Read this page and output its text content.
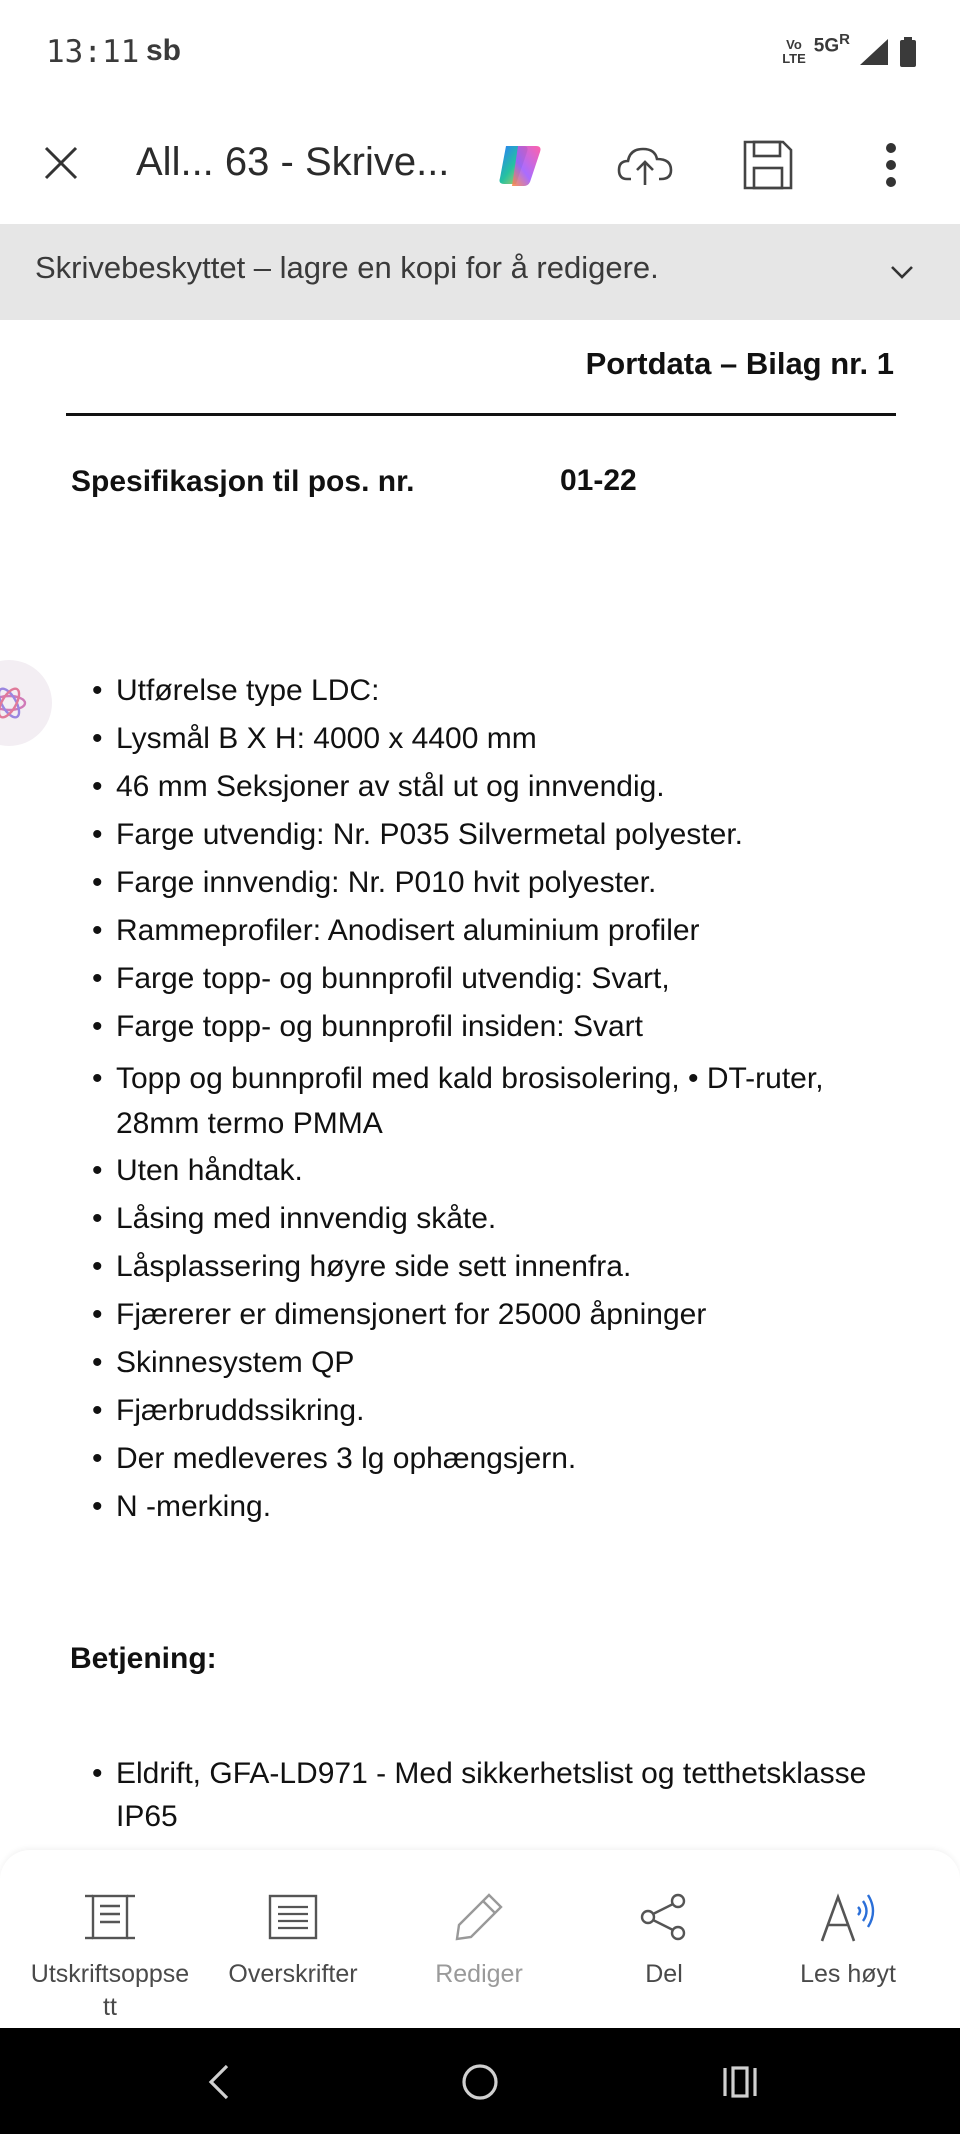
13:11 sb	Vo
LTE
$5G^R$
All... 63 - Skrive...
Skrivebeskyttet – lagre en kopi for å redigere.
Portdata – Bilag nr. 1
Spesifikasjon til pos. nr.	01-22
• Utførelse type LDC:
• Lysmål B X H: 4000 x 4400 mm
• 46 mm Seksjoner av stål ut og innvendig.
• Farge utvendig: Nr. P035 Silvermetal polyester.
• Farge innvendig: Nr. P010 hvit polyester.
• Rammeprofiler: Anodisert aluminium profiler
• Farge topp- og bunnprofil utvendig: Svart,
• Farge topp- og bunnprofil insiden: Svart
• Topp og bunnprofil med kald brosisolering, • DT-ruter, 28mm termo PMMA
• Uten håndtak.
• Låsing med innvendig skåte.
• Låsplassering høyre side sett innenfra.
• Fjærerer er dimensjonert for 25000 åpninger
• Skinnesystem QP
• Fjærbruddssikring.
• Der medleveres 3 lg ophængsjern.
• N -merking.
Betjening:
• Eldrift, GFA-LD971 - Med sikkerhetslist og tetthetsklasse IP65
•
Utskriftsoppsett
Overskrifter	Rediger	Del	Les høyt
